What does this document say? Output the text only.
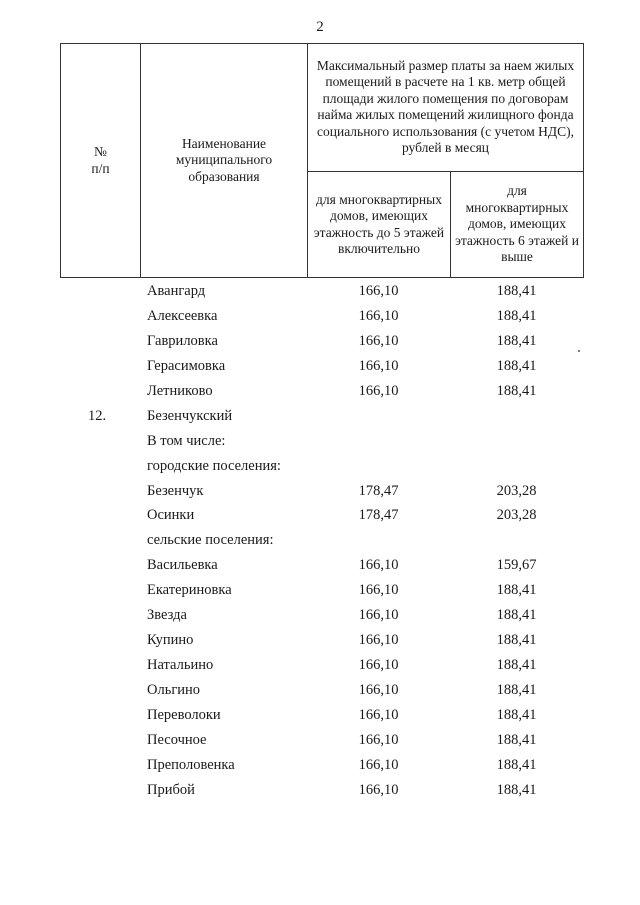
2
№
п/п	Наименование муниципального образования	Максимальный размер платы за наем жилых помещений в расчете на 1 кв. метр общей площади жилого помещения по договорам найма жилых помещений жилищного фонда социального использования (с учетом НДС), рублей в месяц	
		для многоквартирных домов, имеющих этажность до 5 этажей включительно	для многоквартирных домов, имеющих этажность 6 этажей и выше
Авангард	166,10	188,41
Алексеевка	166,10	188,41
Гавриловка	166,10	188,41
Герасимовка	166,10	188,41
Летниково	166,10	188,41
12.	Безенчукский
В том числе:
городские поселения:
Безенчук	178,47	203,28
Осинки	178,47	203,28
сельские поселения:
Васильевка	166,10	159,67
Екатериновка	166,10	188,41
Звезда	166,10	188,41
Купино	166,10	188,41
Натальино	166,10	188,41
Ольгино	166,10	188,41
Переволоки	166,10	188,41
Песочное	166,10	188,41
Преполовенка	166,10	188,41
Прибой	166,10	188,41
